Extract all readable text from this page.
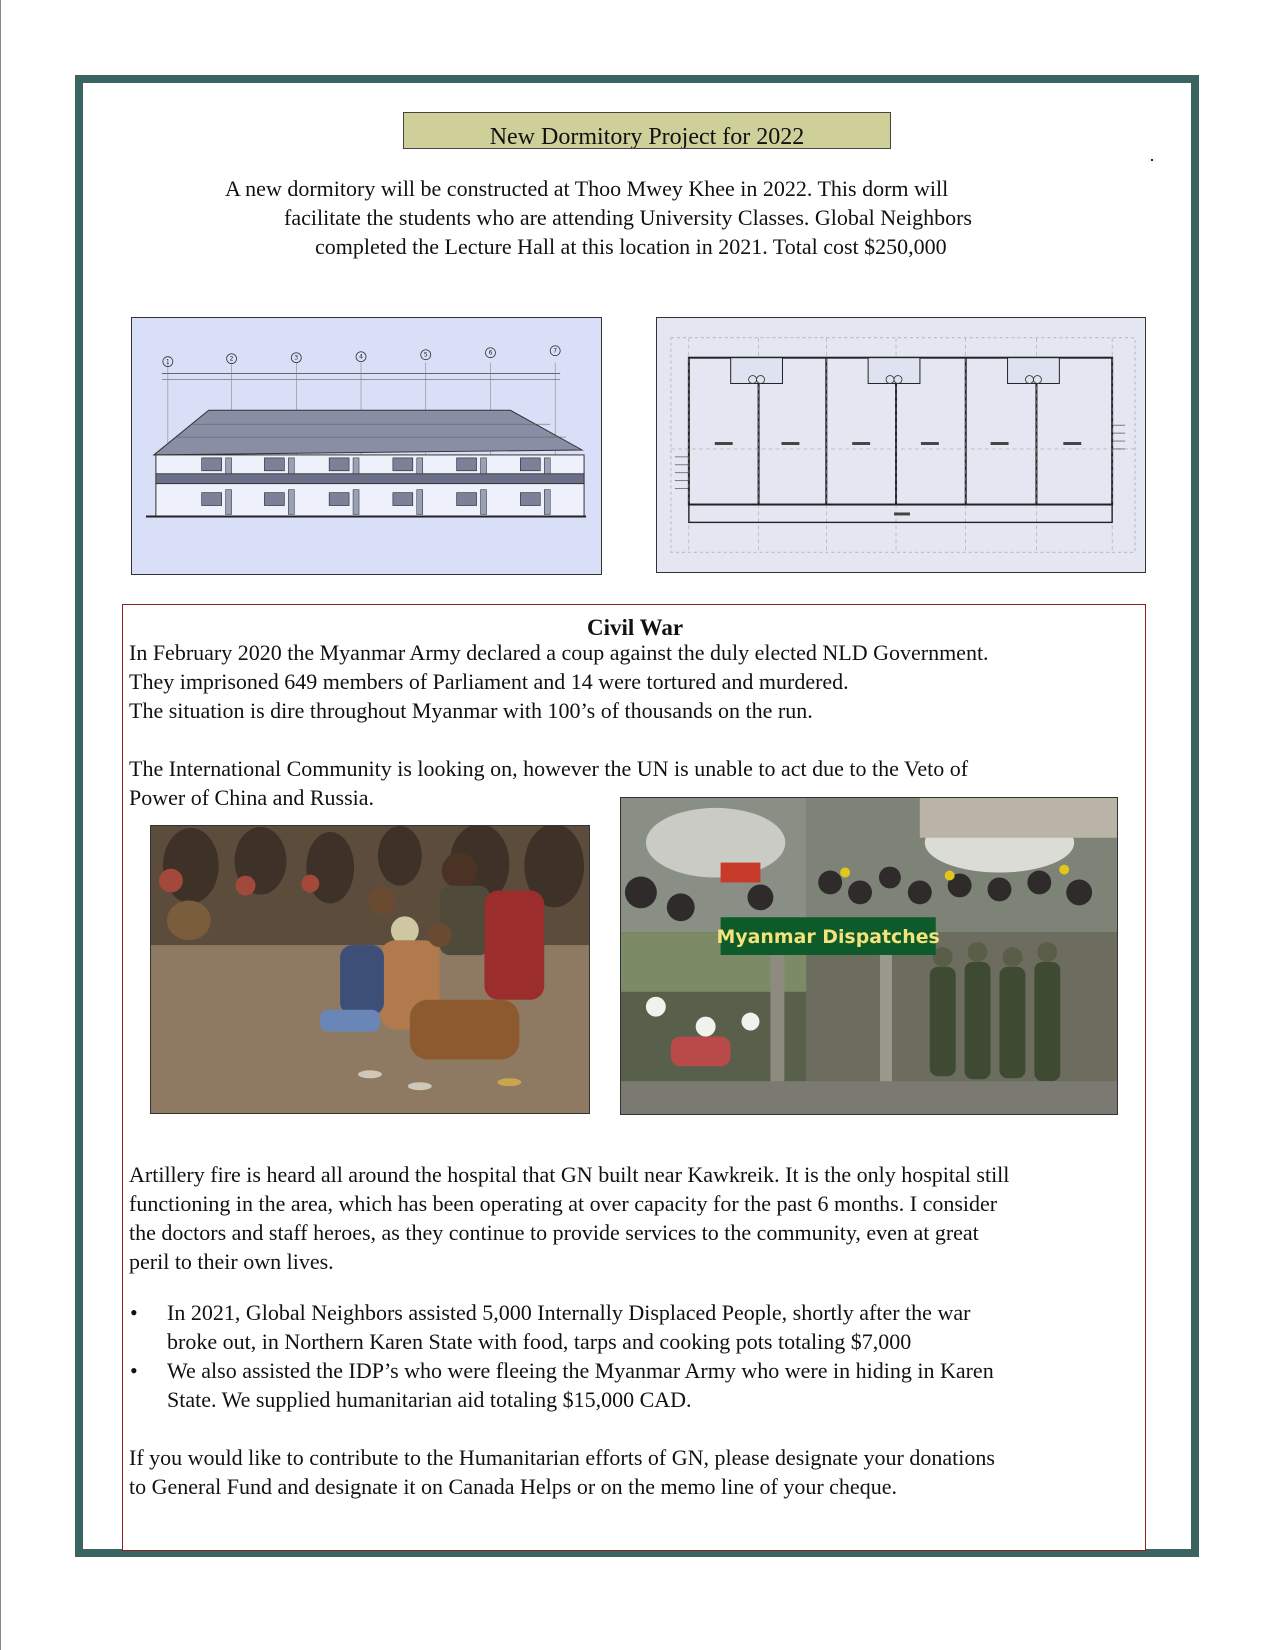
New Dormitory Project for 2022
A new dormitory will be constructed at Thoo Mwey Khee in 2022. This dorm will
facilitate the students who are attending University Classes. Global Neighbors
completed the Lecture Hall at this location in 2021. Total cost $250,000
1	2	3	4	5	6	7
Civil War
In February 2020 the Myanmar Army declared a coup against the duly elected NLD Government.
They imprisoned 649 members of Parliament and 14 were tortured and murdered.
The situation is dire throughout Myanmar with 100’s of thousands on the run.
The International Community is looking on, however the UN is unable to act due to the Veto of
Power of China and Russia.
Artillery fire is heard all around the hospital that GN built near Kawkreik. It is the only hospital still
functioning in the area, which has been operating at over capacity for the past 6 months. I consider
the doctors and staff heroes, as they continue to provide services to the community, even at great
peril to their own lives.
• In 2021, Global Neighbors assisted 5,000 Internally Displaced People, shortly after the war
broke out, in Northern Karen State with food, tarps and cooking pots totaling $7,000
• We also assisted the IDP’s who were fleeing the Myanmar Army who were in hiding in Karen
State. We supplied humanitarian aid totaling $15,000 CAD.
If you would like to contribute to the Humanitarian efforts of GN, please designate your donations
to General Fund and designate it on Canada Helps or on the memo line of your cheque.
Myanmar Dispatches
